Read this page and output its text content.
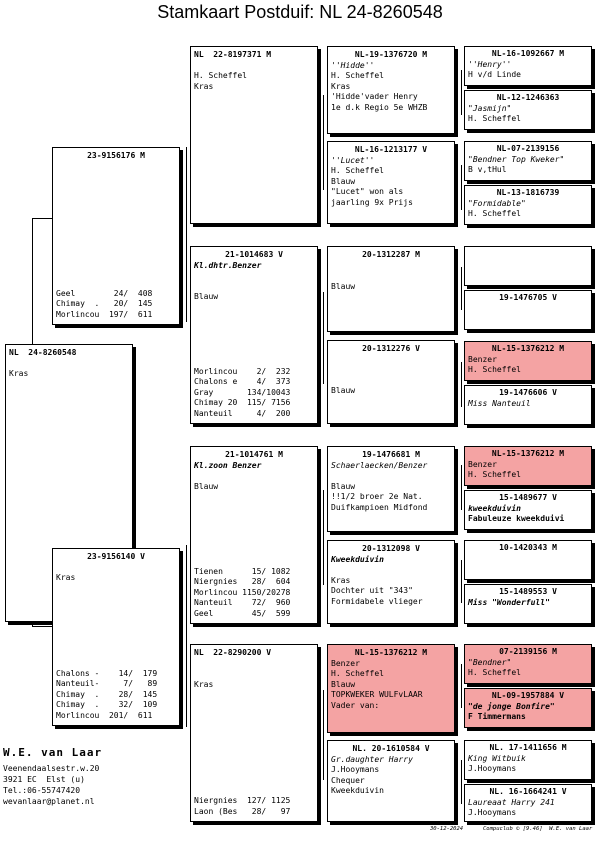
Stamkaart Postduif: NL 24-8260548
NL  24-8260548
Kras
23-9156176 M
Geel        24/  408
Chimay  .   20/  145
Morlincou  197/  611
23-9156140 V
Kras
Chalons -    14/  179
Nanteuil-     7/   89
Chimay  .    28/  145
Chimay  .    32/  109
Morlincou  201/  611
NL  22-8197371 M
H. Scheffel
Kras
21-1014683 V
Kl.dhtr.Benzer
Blauw
Morlincou    2/  232
Chalons e    4/  373
Gray       134/10043
Chimay 20  115/ 7156
Nanteuil     4/  200
21-1014761 M
Kl.zoon Benzer
Blauw
Tienen      15/ 1082
Niergnies   28/  604
Morlincou 1150/20278
Nanteuil    72/  960
Geel        45/  599
NL  22-8290200 V
Kras
Niergnies  127/ 1125
Laon (Bes   28/   97
NL-19-1376720 M
''Hidde''
H. Scheffel
Kras
'Hidde'vader Henry
1e d.k Regio 5e WHZB
NL-16-1213177 V
''Lucet''
H. Scheffel
Blauw
"Lucet" won als
jaarling 9x Prijs
20-1312287 M
Blauw
20-1312276 V
Blauw
19-1476681 M
Schaerlaecken/Benzer
Blauw
!!1/2 broer 2e Nat.
Duifkampioen Midfond
20-1312098 V
Kweekduivin
Kras
Dochter uit "343"
Formidabele vlieger
NL-15-1376212 M
Benzer
H. Scheffel
Blauw
TOPKWEKER WULFvLAAR
Vader van:
NL. 20-1610584 V
Gr.daughter Harry
J.Hooymans
Chequer
Kweekduivin
NL-16-1092667 M
''Henry''
H v/d Linde
NL-12-1246363
"Jasmijn"
H. Scheffel
NL-07-2139156
"Bendner Top Kweker"
B v,tHul
NL-13-1816739
"Formidable"
H. Scheffel
19-1476705 V
NL-15-1376212 M
Benzer
H. Scheffel
19-1476606 V
Miss Nanteuil
NL-15-1376212 M
Benzer
H. Scheffel
15-1489677 V
kweekduivin
Fabuleuze kweekduivi
10-1420343 M
15-1489553 V
Miss "Wonderfull"
07-2139156 M
"Bendner"
H. Scheffel
NL-09-1957884 V
"de jonge Bonfire"
F Timmermans
NL. 17-1411656 M
King Witbuik
J.Hooymans
NL. 16-1664241 V
Laureaat Harry 241
J.Hooymans
W.E. van Laar
Veenendaalsestr.w.20
3921 EC  Elst (u)
Tel.:06-55747420
wevanlaar@planet.nl
30-12-2024      Compuclub © [9.46]  W.E. van Laar
